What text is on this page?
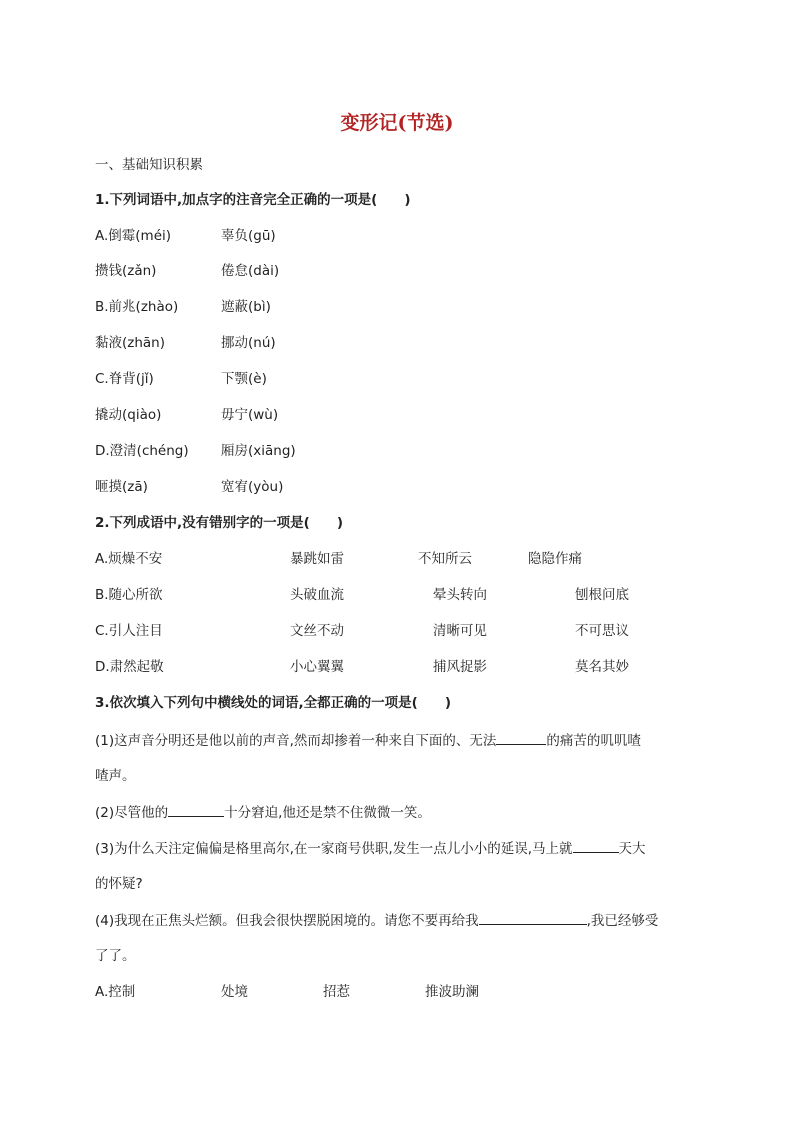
变形记(节选)
一、基础知识积累
1.下列词语中,加点字的注音完全正确的一项是(　　)
A.倒霉(méi)	辜负(gū)
攒钱(zǎn)	倦怠(dài)
B.前兆(zhào)	遮蔽(bì)
黏液(zhān)	挪动(nú)
C.脊背(jǐ)	下颚(è)
撬动(qiào)	毋宁(wù)
D.澄清(chéng) 厢房(xiāng)
咂摸(zā)	宽宥(yòu)
2.下列成语中,没有错别字的一项是(　　)
A.烦燥不安	暴跳如雷	不知所云	隐隐作痛
B.随心所欲	头破血流	晕头转向	刨根问底
C.引人注目	文丝不动	清晰可见	不可思议
D.肃然起敬	小心翼翼	捕风捉影	莫名其妙
3.依次填入下列句中横线处的词语,全都正确的一项是(　　)
(1)这声音分明还是他以前的声音,然而却掺着一种来自下面的、无法	的痛苦的叽叽喳
喳声。
(2)尽管他的	十分窘迫,他还是禁不住微微一笑。
(3)为什么天注定偏偏是格里高尔,在一家商号供职,发生一点儿小小的延误,马上就	天大
的怀疑?
(4)我现在正焦头烂额。但我会很快摆脱困境的。请您不要再给我	,我已经够受
了了。
A.控制	处境	招惹	推波助澜
